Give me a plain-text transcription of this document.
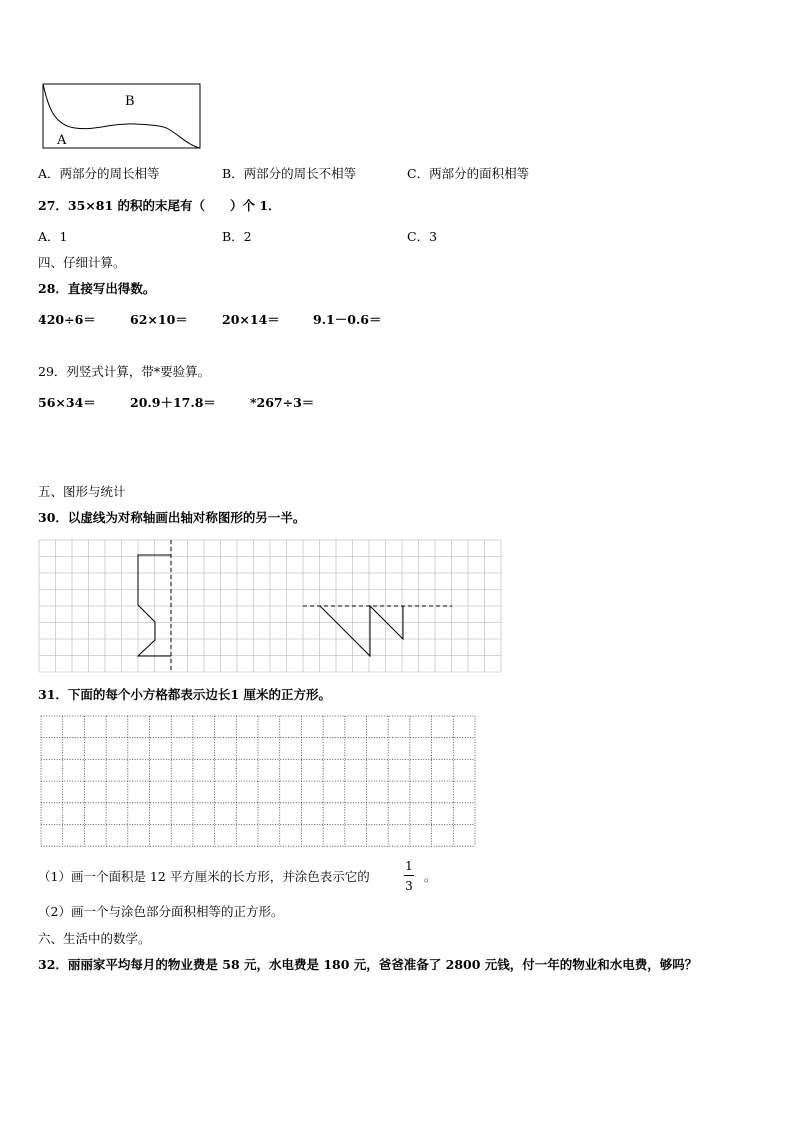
B
A
A．两部分的周长相等	B．两部分的周长不相等	C．两部分的面积相等
27．35×81 的积的末尾有（　　）个 1．
A．1	B．2	C．3
四、仔细计算。
28．直接写出得数。
420÷6＝	62×10＝	20×14＝	9.1－0.6＝
29．列竖式计算，带*要验算。
56×34＝	20.9＋17.8＝	*267÷3＝
五、图形与统计
30．以虚线为对称轴画出轴对称图形的另一半。
31．下面的每个小方格都表示边长1 厘米的正方形。
（1）画一个面积是 12 平方厘米的长方形，并涂色表示它的
1
3
。
（2）画一个与涂色部分面积相等的正方形。
六、生活中的数学。
32．丽丽家平均每月的物业费是 58 元，水电费是 180 元，爸爸准备了 2800 元钱，付一年的物业和水电费，够吗？
